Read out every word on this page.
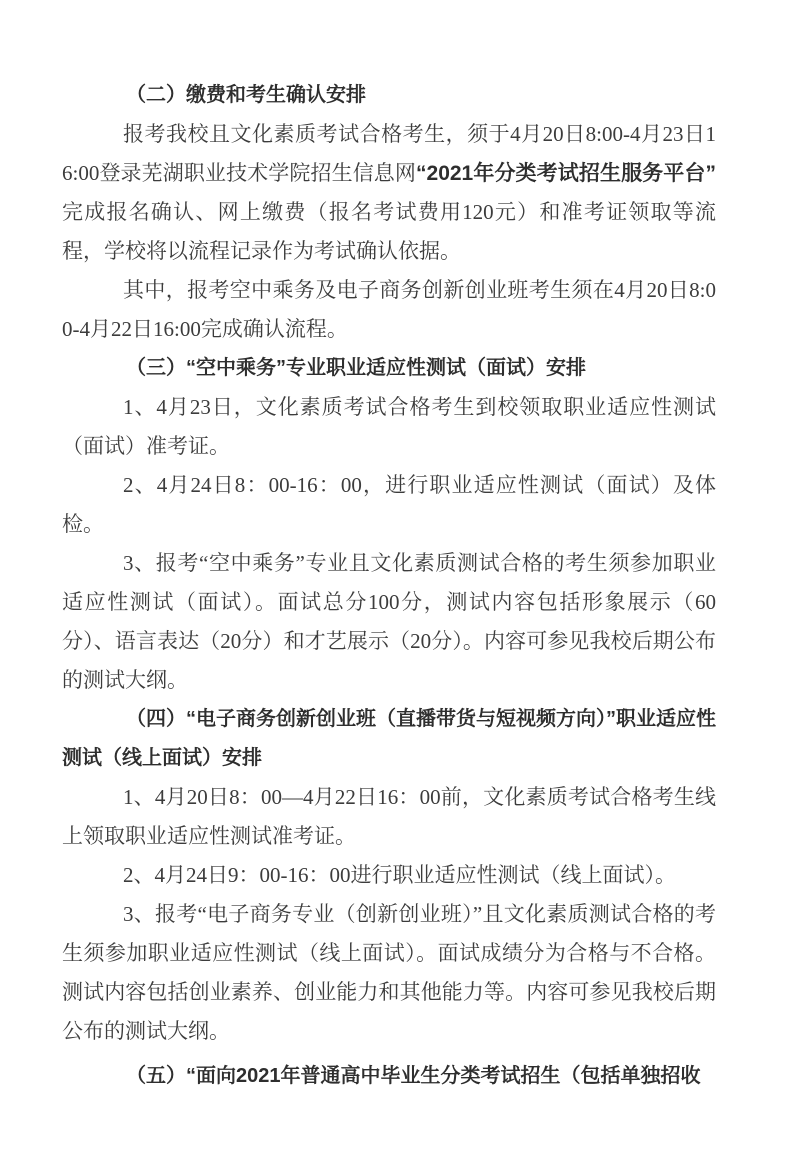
（二）缴费和考生确认安排

报考我校且文化素质考试合格考生，须于4月20日8:00-4月23日16:00登录芜湖职业技术学院招生信息网“2021年分类考试招生服务平台”完成报名确认、网上缴费（报名考试费用120元）和准考证领取等流程，学校将以流程记录作为考试确认依据。

其中，报考空中乘务及电子商务创新创业班考生须在4月20日8:00-4月22日16:00完成确认流程。

（三）“空中乘务”专业职业适应性测试（面试）安排

1、4月23日，文化素质考试合格考生到校领取职业适应性测试（面试）准考证。

2、4月24日8：00-16：00，进行职业适应性测试（面试）及体检。

3、报考“空中乘务”专业且文化素质测试合格的考生须参加职业适应性测试（面试）。面试总分100分，测试内容包括形象展示（60分）、语言表达（20分）和才艺展示（20分）。内容可参见我校后期公布的测试大纲。

（四）“电子商务创新创业班（直播带货与短视频方向）”职业适应性测试（线上面试）安排

1、4月20日8：00—4月22日16：00前，文化素质考试合格考生线上领取职业适应性测试准考证。

2、4月24日9：00-16：00进行职业适应性测试（线上面试）。

3、报考“电子商务专业（创新创业班）”且文化素质测试合格的考生须参加职业适应性测试（线上面试）。面试成绩分为合格与不合格。测试内容包括创业素养、创业能力和其他能力等。内容可参见我校后期公布的测试大纲。

（五）“面向2021年普通高中毕业生分类考试招生（包括单独招收
